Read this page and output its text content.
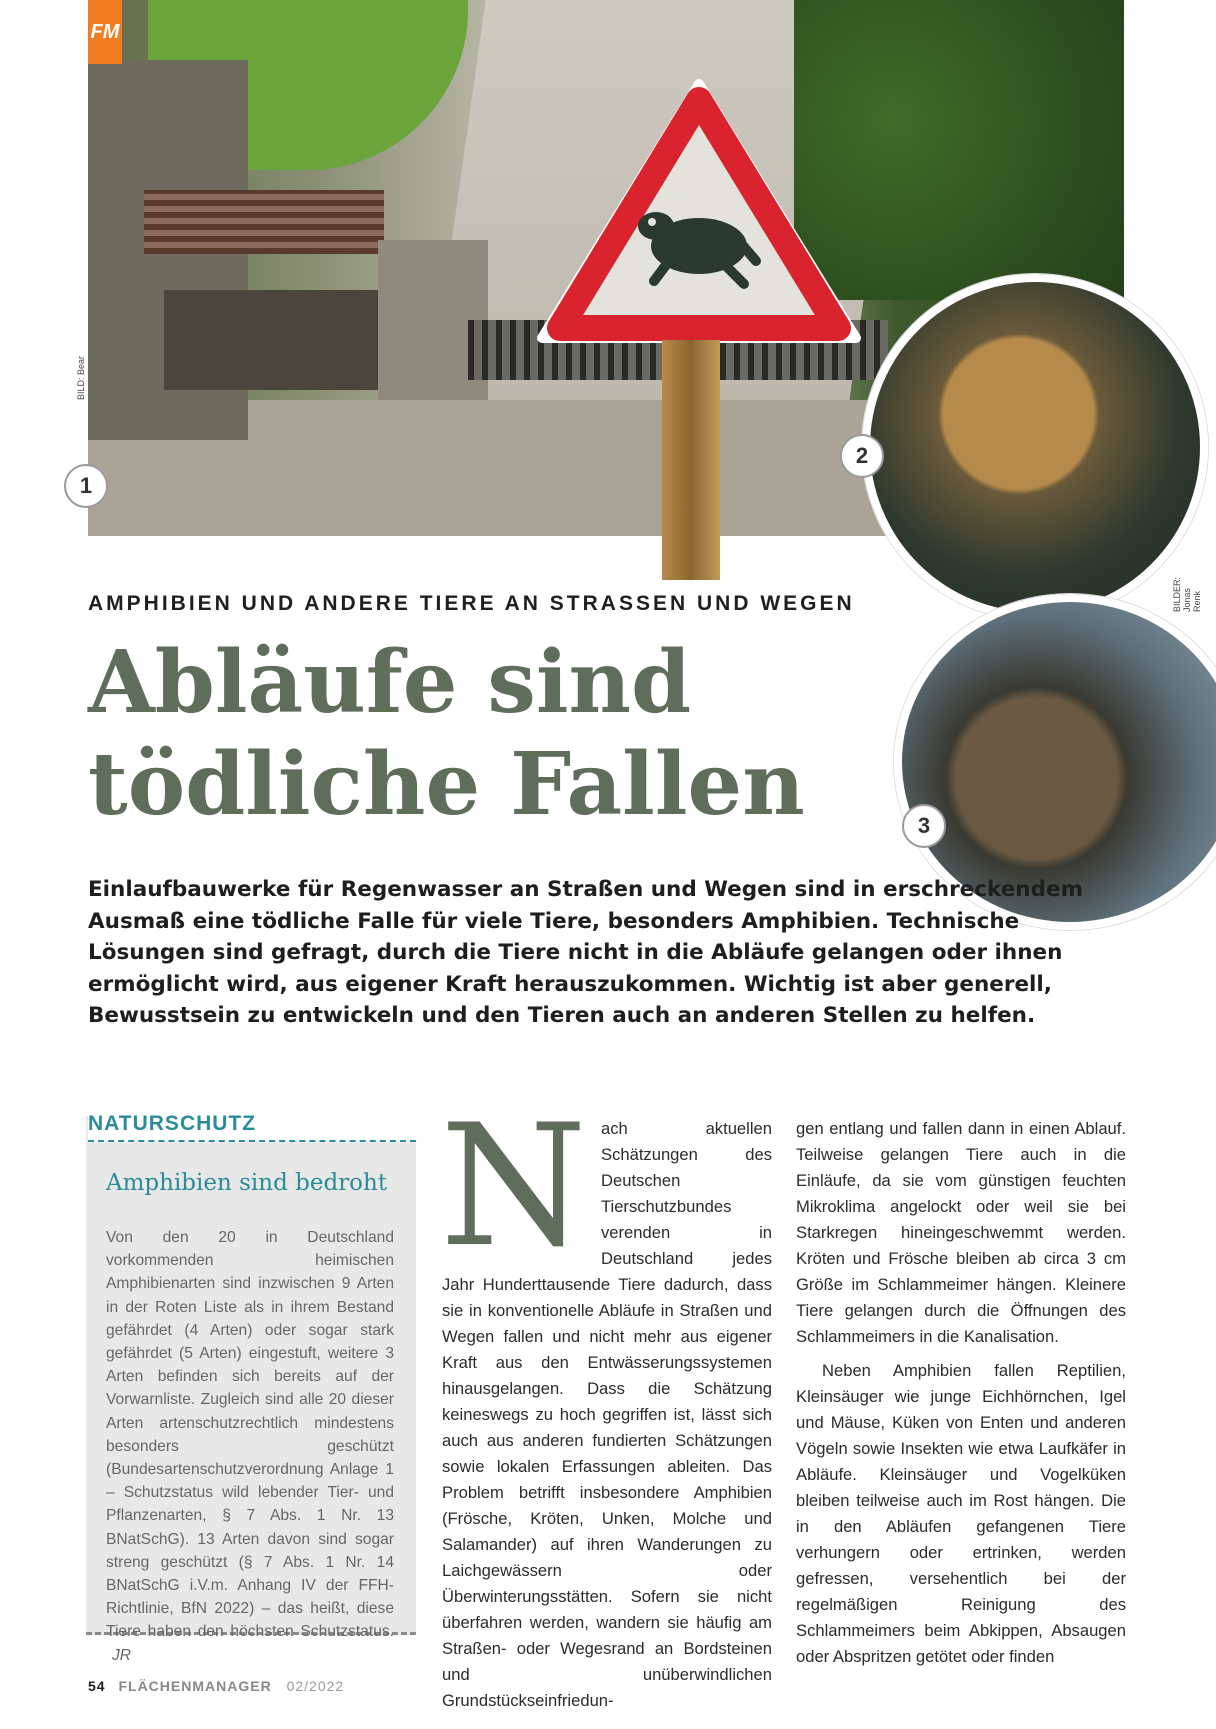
FM
1
2
3
BILD: Bear
BILDER: Jonas Renk
AMPHIBIEN UND ANDERE TIERE AN STRASSEN UND WEGEN
Abläufe sind tödliche Fallen
Einlaufbauwerke für Regenwasser an Straßen und Wegen sind in erschreckendem Ausmaß eine tödliche Falle für viele Tiere, besonders Amphibien. Technische Lösungen sind gefragt, durch die Tiere nicht in die Abläufe gelangen oder ihnen ermöglicht wird, aus eigener Kraft herauszukommen. Wichtig ist aber generell, Bewusstsein zu entwickeln und den Tieren auch an anderen Stellen zu helfen.
NATURSCHUTZ
Amphibien sind bedroht
Von den 20 in Deutschland vorkommenden heimischen Amphibienarten sind inzwischen 9 Arten in der Roten Liste als in ihrem Bestand gefährdet (4 Arten) oder sogar stark gefährdet (5 Arten) eingestuft, weitere 3 Arten befinden sich bereits auf der Vorwarnliste. Zugleich sind alle 20 dieser Arten artenschutzrechtlich mindestens besonders geschützt (Bundesartenschutzverordnung Anlage 1 – Schutzstatus wild lebender Tier- und Pflanzenarten, § 7 Abs. 1 Nr. 13 BNatSchG). 13 Arten davon sind sogar streng geschützt (§ 7 Abs. 1 Nr. 14 BNatSchG i.V.m. Anhang IV der FFH-Richtlinie, BfN 2022) – das heißt, diese Tiere haben den höchsten Schutzstatus. JR
N ach aktuellen Schätzungen des Deutschen Tierschutzbundes verenden in Deutschland jedes Jahr Hunderttausende Tiere dadurch, dass sie in konventionelle Abläufe in Straßen und Wegen fallen und nicht mehr aus eigener Kraft aus den Entwässerungssystemen hinausgelangen. Dass die Schätzung keineswegs zu hoch gegriffen ist, lässt sich auch aus anderen fundierten Schätzungen sowie lokalen Erfassungen ableiten. Das Problem betrifft insbesondere Amphibien (Frösche, Kröten, Unken, Molche und Salamander) auf ihren Wanderungen zu Laichgewässern oder Überwinterungsstätten. Sofern sie nicht überfahren werden, wandern sie häufig am Straßen- oder Wegesrand an Bordsteinen und unüberwindlichen Grundstückseinfriedun-

gen entlang und fallen dann in einen Ablauf. Teilweise gelangen Tiere auch in die Einläufe, da sie vom günstigen feuchten Mikroklima angelockt oder weil sie bei Starkregen hineingeschwemmt werden. Kröten und Frösche bleiben ab circa 3 cm Größe im Schlammeimer hängen. Kleinere Tiere gelangen durch die Öffnungen des Schlammeimers in die Kanalisation.

Neben Amphibien fallen Reptilien, Kleinsäuger wie junge Eichhörnchen, Igel und Mäuse, Küken von Enten und anderen Vögeln sowie Insekten wie etwa Laufkäfer in Abläufe. Kleinsäuger und Vogelküken bleiben teilweise auch im Rost hängen. Die in den Abläufen gefangenen Tiere verhungern oder ertrinken, werden gefressen, versehentlich bei der regelmäßigen Reinigung des Schlammeimers beim Abkippen, Absaugen oder Abspritzen getötet oder finden

54 FLÄCHENMANAGER 02/2022
